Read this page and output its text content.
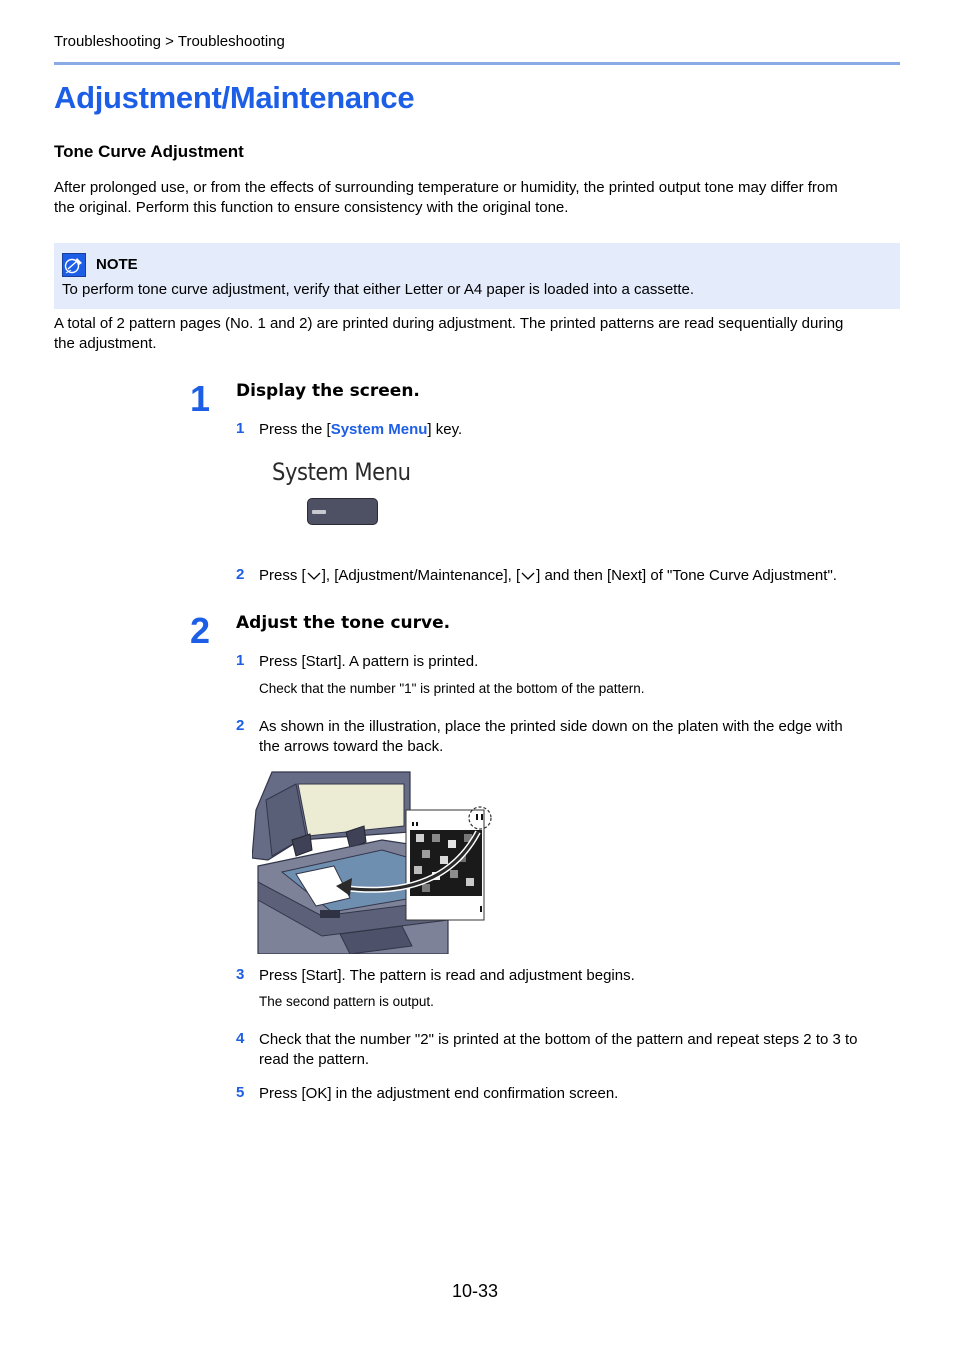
Troubleshooting > Troubleshooting
Adjustment/Maintenance
Tone Curve Adjustment
After prolonged use, or from the effects of surrounding temperature or humidity, the printed output tone may differ from
the original. Perform this function to ensure consistency with the original tone.
NOTE
To perform tone curve adjustment, verify that either Letter or A4 paper is loaded into a cassette.
A total of 2 pattern pages (No. 1 and 2) are printed during adjustment. The printed patterns are read sequentially during
the adjustment.
1 Display the screen.
1 Press the [System Menu] key.
System Menu
2 Press [ ], [Adjustment/Maintenance], [ ] and then [Next] of "Tone Curve Adjustment".
2 Adjust the tone curve.
1 Press [Start]. A pattern is printed.
Check that the number "1" is printed at the bottom of the pattern.
2 As shown in the illustration, place the printed side down on the platen with the edge with
the arrows toward the back.
3 Press [Start]. The pattern is read and adjustment begins.
The second pattern is output.
4 Check that the number "2" is printed at the bottom of the pattern and repeat steps 2 to 3 to
read the pattern.
5 Press [OK] in the adjustment end confirmation screen.
10-33
